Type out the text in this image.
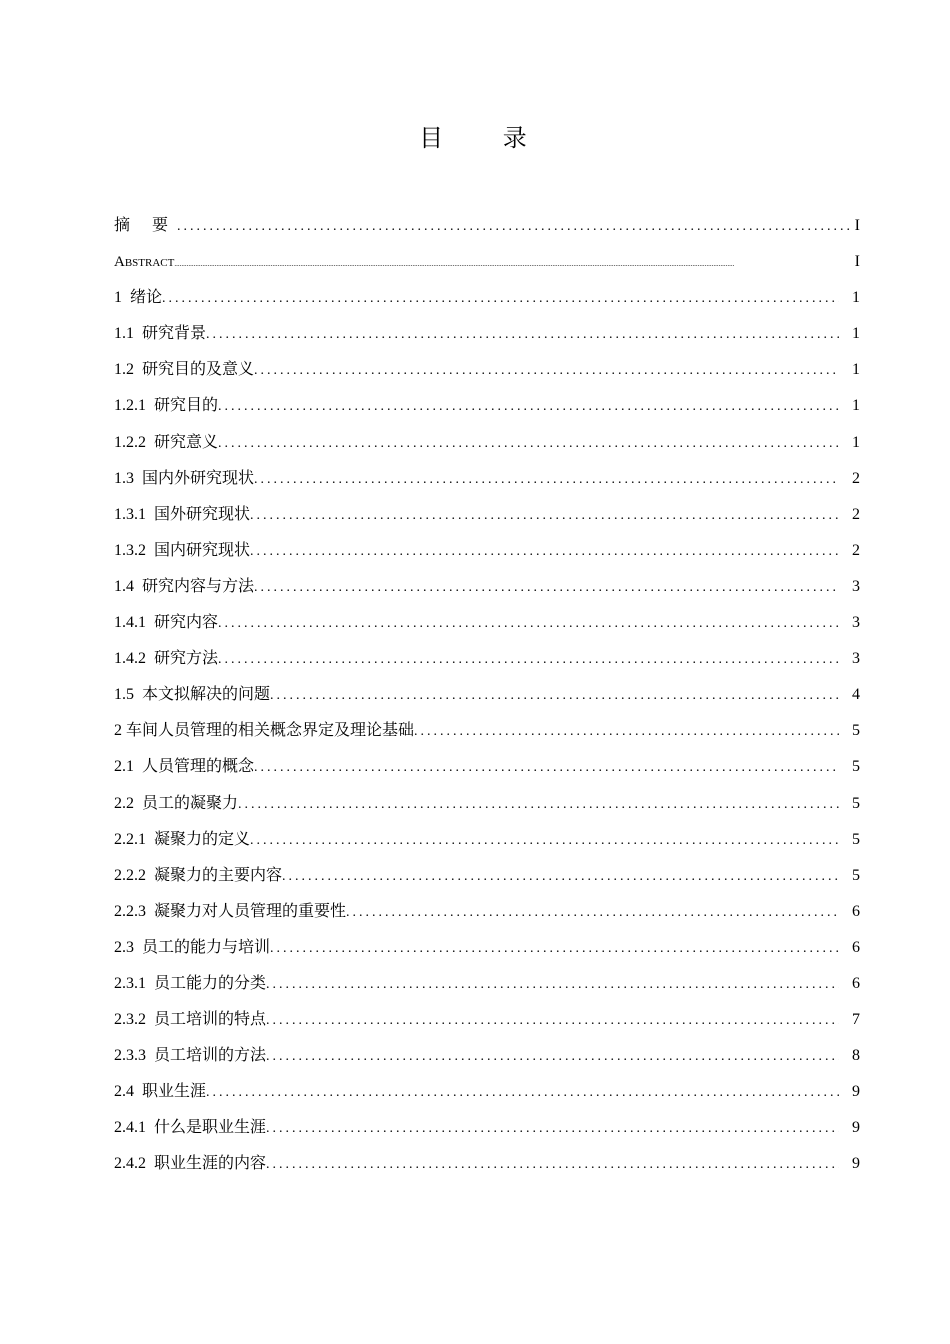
目 录
摘 要 . . .	I
ABSTRACT .....	I
1 绪论 . . .	1
1.1 研究背景 . . .	1
1.2 研究目的及意义 . . .	1
1.2.1 研究目的 . . .	1
1.2.2 研究意义 . . .	1
1.3 国内外研究现状 . . .	2
1.3.1 国外研究现状 . . .	2
1.3.2 国内研究现状 . . .	2
1.4 研究内容与方法 . . .	3
1.4.1 研究内容 . . .	3
1.4.2 研究方法 . . .	3
1.5 本文拟解决的问题 . . .	4
2 车间人员管理的相关概念界定及理论基础 . . .	5
2.1 人员管理的概念 . . .	5
2.2 员工的凝聚力 . . .	5
2.2.1 凝聚力的定义 . . .	5
2.2.2 凝聚力的主要内容 . . .	5
2.2.3 凝聚力对人员管理的重要性 . . .	6
2.3 员工的能力与培训 . . .	6
2.3.1 员工能力的分类 . . .	6
2.3.2 员工培训的特点 . . .	7
2.3.3 员工培训的方法 . . .	8
2.4 职业生涯 . . .	9
2.4.1 什么是职业生涯 . . .	9
2.4.2 职业生涯的内容 . . .	9
